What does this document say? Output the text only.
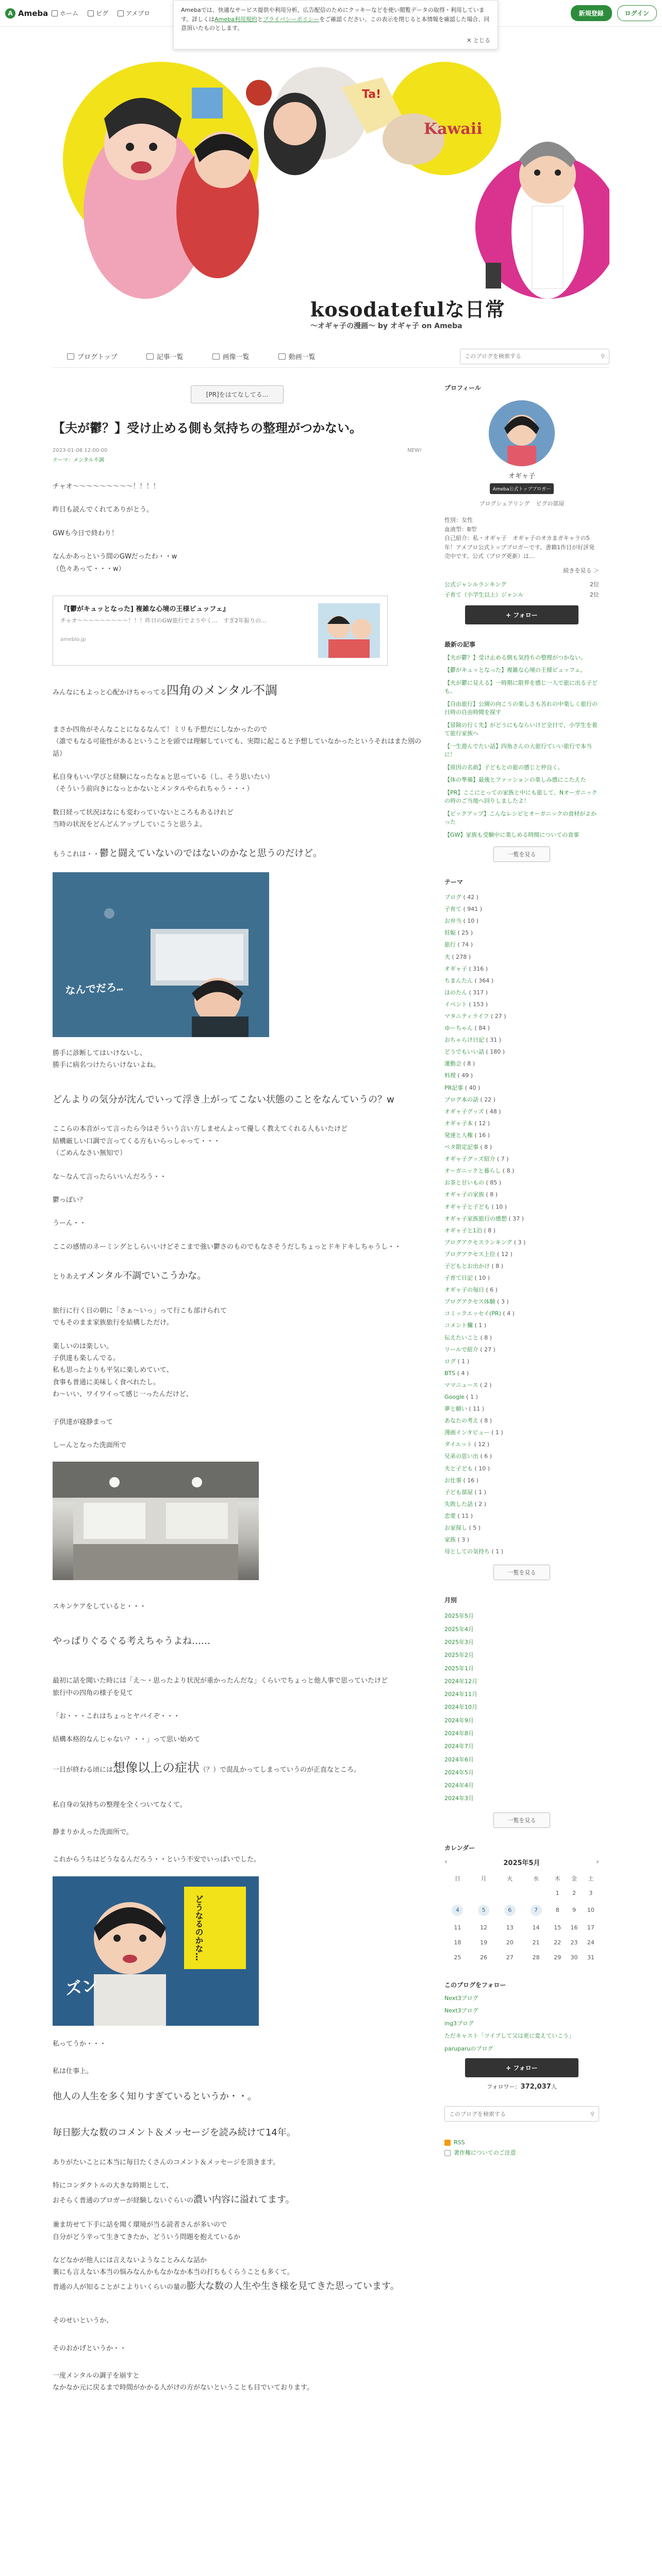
A Ameba ホーム	ピグ	アメブロ	新規登録	ログイン
Amebaでは、快適なサービス提供や利用分析、広告配信のためにクッキーなどを使い閲覧データの取得・利用しています。詳しくはAmeba利用規約とプライバシーポリシーをご確認ください。この表示を閉じると本情報を確認した場合、同意頂いたものとします。
✕ とじる
Ta!
Kawaii
kosodatefulな日常
〜オギャ子の漫画〜 by オギャ子 on Ameba
ブログトップ	記事一覧	画像一覧	動画一覧
このブログを検索する	⚲
[PR]をはてなしてる...
【夫が鬱？】受け止める側も気持ちの整理がつかない。
2023-01-08 12:00:00
テーマ：メンタル不調
NEW!

チャオ〜〜〜〜〜〜〜〜〜！！！！

昨日も読んでくれてありがとう。

GWも今日で終わり！

なんかあっという間のGWだったわ・・w

（色々あって・・・w）

『[鬱がキュッとなった] 複雑な心境の王様ピュッフェ』
チャオ〜〜〜〜〜〜〜〜〜！！！昨日のGW旅行でようやく…　すぎ2年振りの…
ameblo.jp

みんなにもよっと心配かけちゃってる四角のメンタル不調

まさか四角がそんなことになるなんて！ミリも予想だにしなかったので

（誰でもなる可能性があるということを頭では理解していても、実際に起こると予想していなかったというそれはまた別の話）

私自身もいい学びと経験になったなぁと思っている（し、そう思いたい）

（そういう前向きになっとかないとメンタルやられちゃう・・・）

数日経って状況はなにも変わっていないところもあるけれど

当時の状況をどんどんアップしていこうと思うよ。

もうこれは・・鬱と闘えていないのではないのかなと思うのだけど。

なんでだろ…

勝手に診断してはいけないし、

勝手に病名つけたらいけないよね。

どんよりの気分が沈んでいって浮き上がってこない状態のことをなんていうの？w

ここらの本音がって言ったら今はそういう言い方しませんよって優しく教えてくれる人もいたけど

結構厳しい口調で言ってくる方もいらっしゃって・・・

（ごめんなさい無知で）

な〜なんて言ったらいいんだろう・・

鬱っぽい？

うーん・・

ここの感情のネーミングとしらいいけどそこまで強い鬱さのものでもなさそうだしちょっとドキドキしちゃうし・・

とりあえずメンタル不調でいこうかな。

旅行に行く日の朝に「さぁ〜いっ」って行こも部けられて

でもそのまま家族旅行を結構しただけ。

楽しいのは楽しい。

子供達も楽しんでる。

私も思ったよりも平気に楽しめていて、

食事も普通に美味しく食べれたし。

わ〜いい、ワイワイって感じ一ったんだけど、

子供達が寝静まって

しーんとなった洗面所で

スキンケアをしていると・・・

やっぱりぐるぐる考えちゃうよね……

最初に話を聞いた時には「え〜・思ったより状況が重かったんだな」くらいでちょっと他人事で思っていたけど

旅行中の四角の様子を見て

「お・・・これはちょっとヤバイぞ・・・

結構本格的なんじゃない？・・」って思い始めて

一日が終わる頃には想像以上の症状（？）で混乱かってしまっていうのが正直なところ。

私自身の気持ちの整理を全くついてなくて。

静まりかえった洗面所で。

これからうちはどうなるんだろう・・という不安でいっぱいでした。

ズン
どうなるのかな…

私ってうか・・・

私は仕事上。

他人の人生を多く知りすぎているというか・・。

毎日膨大な数のコメント＆メッセージを読み続けて14年。

ありがたいことに本当に毎日たくさんのコメント＆メッセージを頂きます。

特にコンダクトルの大きな時期として、

おそらく普通のブロガーが経験しないぐらいの濃い内容に溢れてます。

兼ま坊せて下手に話を聞く環境が当る読者さんが多いので

自分がどう辛って生きてきたか、どういう問題を抱えているか

などなかが他人には言えないようなことみんな話か

裏にも言えない本当の悩みなんかもなかなか本当の打ちもくらうことも多くて。

普通の人が知ることがこよりいくらいの量の膨大な数の人生や生き様を見てきた思っています。

そのせいというか、

そのおかげというか・・

一度メンタルの調子を崩すと

なかなか元に戻るまで時間がかかる人がけの方がないということも目でいております。

プロフィール
オギャ子
Ameba公式トップブロガー
ブログシェアリング ピグの部屋

性別：女性

血液型：B型

自己紹介：私・オギャ子　オギャ子のオカまガキャラの5年！アメブロ公式トップブロガーです。書籍1作目が好評発売中です。公式（ブログ更新）は…

続きを見る ＞
公式ジャンルランキング	2位
子育て（小学生以上）ジャンル	2位
+ フォロー
最新の記事
【夫が鬱？】受け止める側も気持ちの整理がつかない。
【鬱がキュッとなった】複雑な心境の王様ピュッフェ。
【夫が鬱に見える】一時期に限界を感じ一人で旅に出る子ども。
【自由旅行】公園の向こうの楽しさも苦れの中楽しく旅行の日時の自由時間を探す
【冒険の行く先】がどうにもならいけど全日で、小学生を着て旅行家族へ
【一生遊んでたい話】四角さんの大旅行ていい旅行で本当に！
【原因の名前】子どもとの旅の感じと仲良く。
【体の準備】最後とファッションの楽しみ感にこたえた
【PR】ここにとっての家族と中にも旅して、Nオーガニックの時のご当地へ回りしましたよ！
【ピックアップ】こんなレシピとオーガニックの食材がよかった
【GW】家族も受験中に楽しめる時間についての食事
一覧を見る
テーマ
ブログ ( 42 )
子育て ( 941 )
お弁当 ( 10 )
妊娠 ( 25 )
旅行 ( 74 )
夫 ( 278 )
オギャ子 ( 316 )
ちまんたん ( 364 )
ほのたん ( 317 )
イベント ( 153 )
マタニティライフ ( 27 )
ゆーちゃん ( 84 )
おちゃらけ日記 ( 31 )
どうでもいい話 ( 180 )
運動会 ( 8 )
料理 ( 49 )
PR記事 ( 40 )
ブログ本の話 ( 22 )
オギャ子グッズ ( 48 )
オギャ子本 ( 12 )
発達と人権 ( 16 )
ペタ限定記事 ( 8 )
オギャ子グッズ紹介 ( 7 )
オーガニックと暮らし ( 8 )
お茶と甘いもの ( 85 )
オギャ子の家族 ( 8 )
オギャ子と子ども ( 10 )
オギャ子家族旅行の感想 ( 37 )
オギャ子と1泊 ( 8 )
ブログアクセスランキング ( 3 )
ブログアクセス上位 ( 12 )
子どもとお出かけ ( 8 )
子育て日記 ( 10 )
オギャ子の毎日 ( 6 )
ブログアクセス体験 ( 3 )
コミックエッセイ(PR) ( 4 )
コメント欄 ( 1 )
伝えたいこと ( 8 )
リールで紹介 ( 27 )
ログ ( 1 )
BTS ( 4 )
ママニュース ( 2 )
Google ( 1 )
夢と願い ( 11 )
あなたの考え ( 8 )
漫画インタビュー ( 1 )
ダイエット ( 12 )
兄弟の思い出 ( 6 )
夫と子ども ( 10 )
お仕事 ( 16 )
子ども部屋 ( 1 )
失敗した話 ( 2 )
恋愛 ( 11 )
お家探し ( 5 )
家族 ( 3 )
母としての気持ち ( 1 )
一覧を見る
月別
2025年5月
2025年4月
2025年3月
2025年2月
2025年1月
2024年12月
2024年11月
2024年10月
2024年9月
2024年8月
2024年7月
2024年6月
2024年5月
2024年4月
2024年3月
一覧を見る
カレンダー
‹	2025年5月	›
日	月	火	水	木	金	土
				1	2	3
4	5	6	7	8	9	10
11	12	13	14	15	16	17
18	19	20	21	22	23	24
25	26	27	28	29	30	31
このブログをフォロー
Next3ブログ
Next3ブログ
ing3ブログ
ただキャスト「ツイブして父は更に変えていこう」
paruparuのブログ
+ フォロー
フォロワー：372,037人
このブログを検索する
⚲
RSS
著作権についてのご注意
